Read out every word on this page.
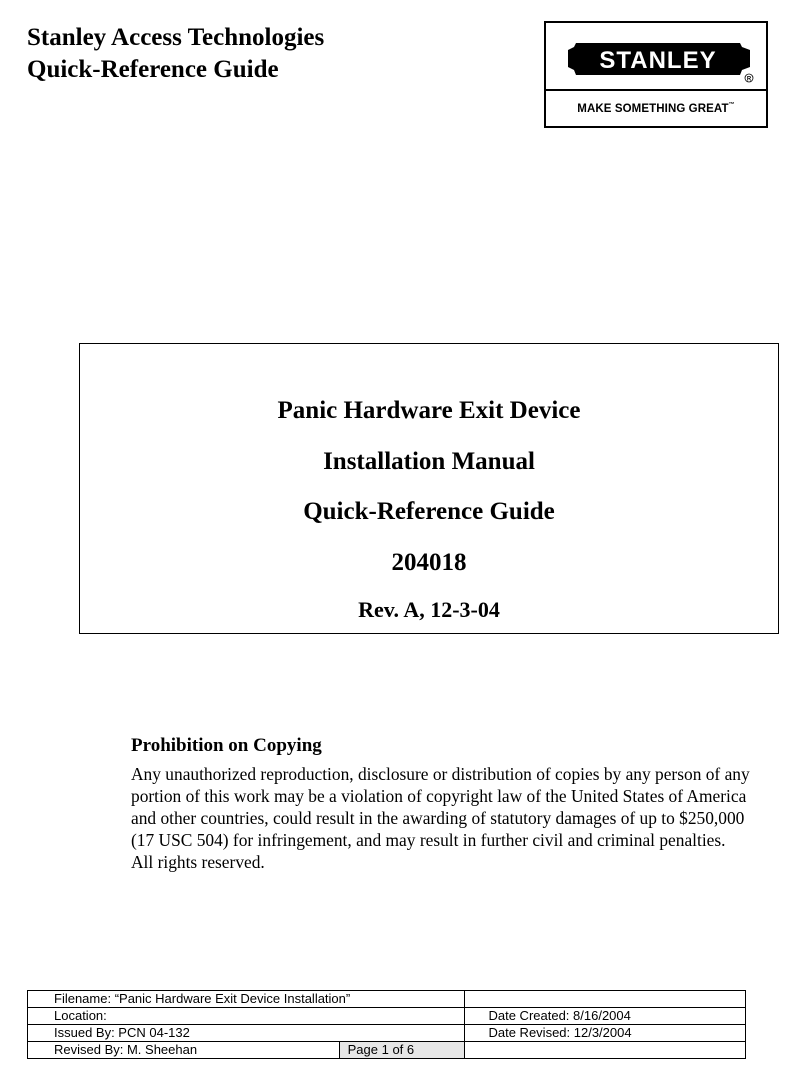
Stanley Access Technologies
Quick-Reference Guide	STANLEY
R
MAKE SOMETHING GREAT™
Panic Hardware Exit Device
Installation Manual
Quick-Reference Guide
204018
Rev. A, 12-3-04
Prohibition on Copying

Any unauthorized reproduction, disclosure or distribution of copies by any person of any portion of this work may be a violation of copyright law of the United States of America and other countries, could result in the awarding of statutory damages of up to $250,000 (17 USC 504) for infringement, and may result in further civil and criminal penalties. All rights reserved.

Filename: “Panic Hardware Exit Device Installation”		
Location:		Date Created: 8/16/2004
Issued By: PCN 04-132		Date Revised: 12/3/2004
Revised By: M. Sheehan	Page 1 of 6	
